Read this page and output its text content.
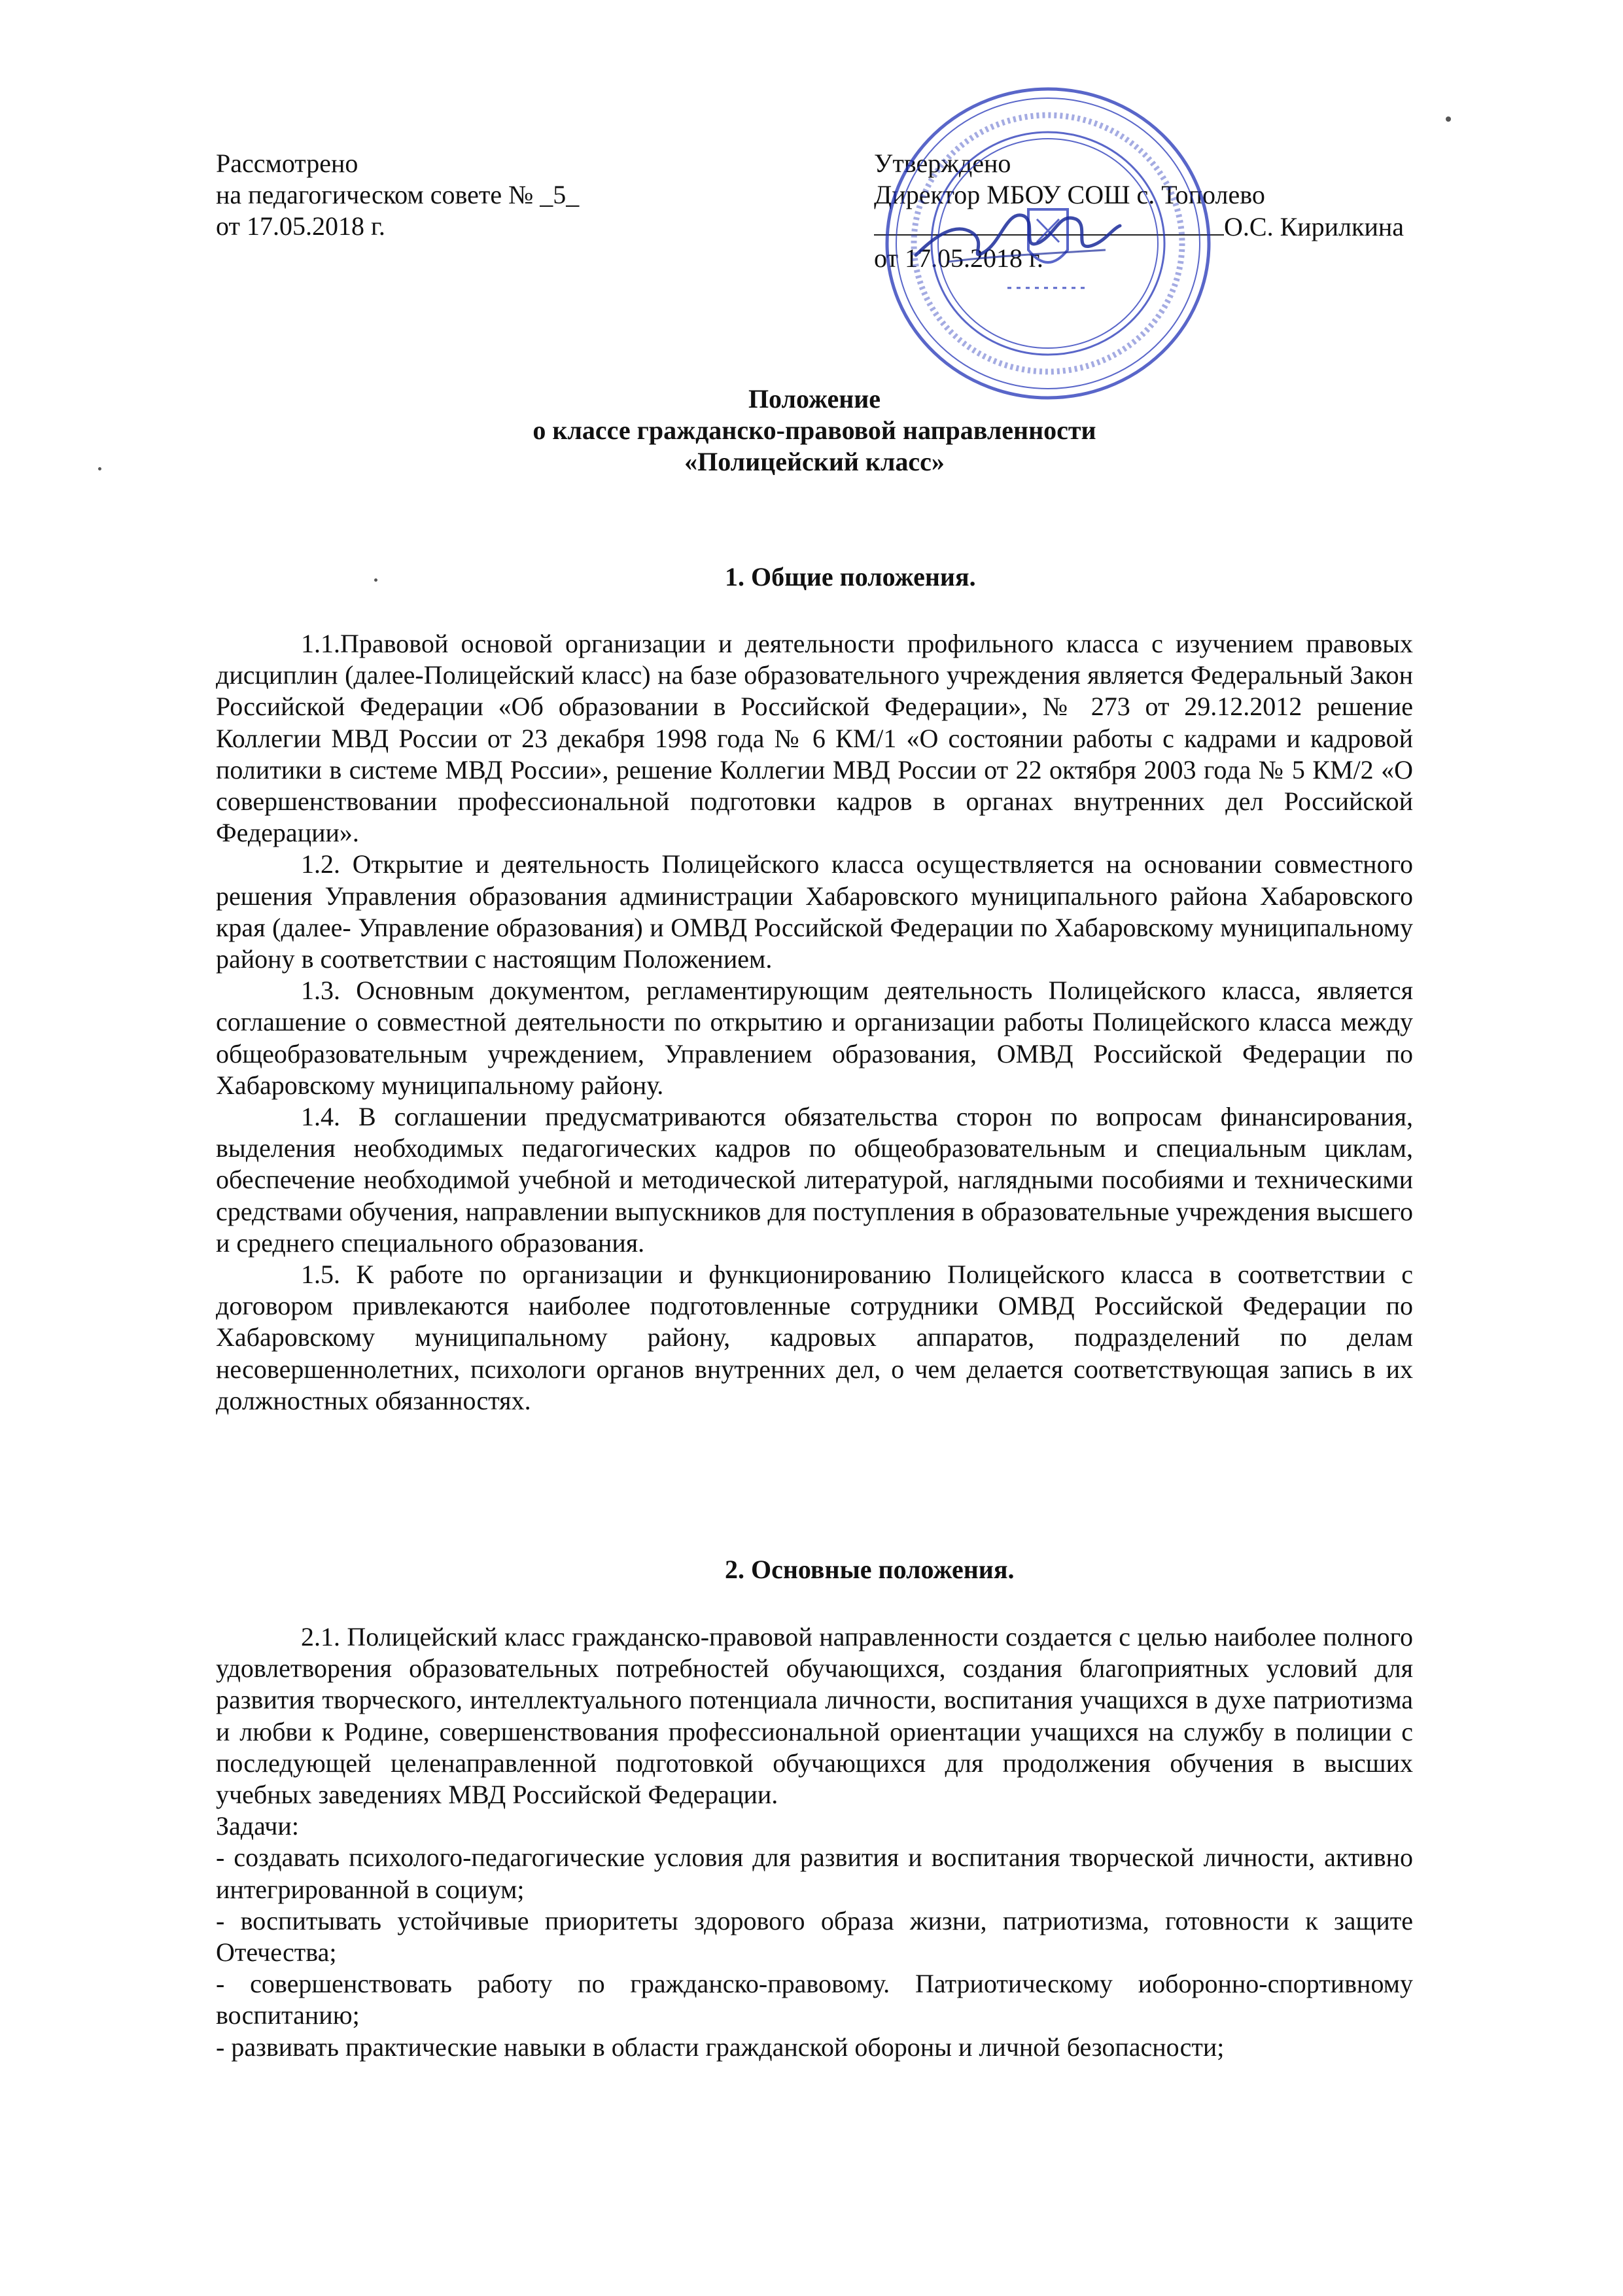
Рассмотрено
на педагогическом совете № _5_
от 17.05.2018 г.
Утверждено
Директор МБОУ СОШ с. Тополево
О.С. Кирилкина
от 17.05.2018 г.
Положение
о классе гражданско-правовой направленности
«Полицейский класс»
1. Общие положения.

1.1.Правовой основой организации и деятельности профильного класса с изучением правовых дисциплин (далее-Полицейский класс) на базе образовательного учреждения является Федеральный Закон Российской Федерации «Об образовании в Российской Федерации», № 273 от 29.12.2012 решение Коллегии МВД России от 23 декабря 1998 года № 6 КМ/1 «О состоянии работы с кадрами и кадровой политики в системе МВД России», решение Коллегии МВД России от 22 октября 2003 года № 5 КМ/2 «О совершенствовании профессиональной подготовки кадров в органах внутренних дел Российской Федерации».

1.2. Открытие и деятельность Полицейского класса осуществляется на основании совместного решения Управления образования администрации Хабаровского муниципального района Хабаровского края (далее- Управление образования) и ОМВД Российской Федерации по Хабаровскому муниципальному району в соответствии с настоящим Положением.

1.3. Основным документом, регламентирующим деятельность Полицейского класса, является соглашение о совместной деятельности по открытию и организации работы Полицейского класса между общеобразовательным учреждением, Управлением образования, ОМВД Российской Федерации по Хабаровскому муниципальному району.

1.4. В соглашении предусматриваются обязательства сторон по вопросам финансирования, выделения необходимых педагогических кадров по общеобразовательным и специальным циклам, обеспечение необходимой учебной и методической литературой, наглядными пособиями и техническими средствами обучения, направлении выпускников для поступления в образовательные учреждения высшего и среднего специального образования.

1.5. К работе по организации и функционированию Полицейского класса в соответствии с договором привлекаются наиболее подготовленные сотрудники ОМВД Российской Федерации по Хабаровскому муниципальному району, кадровых аппаратов, подразделений по делам несовершеннолетних, психологи органов внутренних дел, о чем делается соответствующая запись в их должностных обязанностях.

2. Основные положения.

2.1. Полицейский класс гражданско-правовой направленности создается с целью наиболее полного удовлетворения образовательных потребностей обучающихся, создания благоприятных условий для развития творческого, интеллектуального потенциала личности, воспитания учащихся в духе патриотизма и любви к Родине, совершенствования профессиональной ориентации учащихся на службу в полиции с последующей целенаправленной подготовкой обучающихся для продолжения обучения в высших учебных заведениях МВД Российской Федерации.

Задачи:

- создавать психолого-педагогические условия для развития и воспитания творческой личности, активно интегрированной в социум;

- воспитывать устойчивые приоритеты здорового образа жизни, патриотизма, готовности к защите Отечества;

- совершенствовать работу по гражданско-правовому. Патриотическому иоборонно-спортивному воспитанию;

- развивать практические навыки в области гражданской обороны и личной безопасности;
